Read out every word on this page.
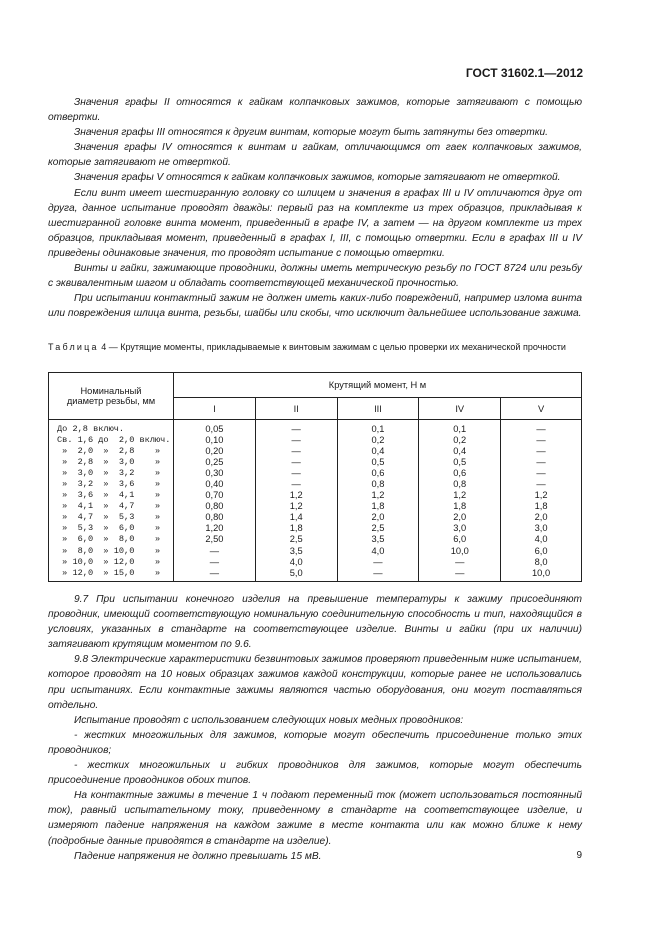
ГОСТ 31602.1—2012

Значения графы II относятся к гайкам колпачковых зажимов, которые затягивают с помощью отвертки.

Значения графы III относятся к другим винтам, которые могут быть затянуты без отвертки.

Значения графы IV относятся к винтам и гайкам, отличающимся от гаек колпачковых зажимов, которые затягивают не отверткой.

Значения графы V относятся к гайкам колпачковых зажимов, которые затягивают не отверткой.

Если винт имеет шестигранную головку со шлицем и значения в графах III и IV отличаются друг от друга, данное испытание проводят дважды: первый раз на комплекте из трех образцов, прикладывая к шестигранной головке винта момент, приведенный в графе IV, а затем — на другом комплекте из трех образцов, прикладывая момент, приведенный в графах I, III, с помощью отвертки. Если в графах III и IV приведены одинаковые значения, то проводят испытание с помощью отвертки.

Винты и гайки, зажимающие проводники, должны иметь метрическую резьбу по ГОСТ 8724 или резьбу с эквивалентным шагом и обладать соответствующей механической прочностью.

При испытании контактный зажим не должен иметь каких-либо повреждений, например излома винта или повреждения шлица винта, резьбы, шайбы или скобы, что исключит дальнейшее использование зажима.

Таблица 4 — Крутящие моменты, прикладываемые к винтовым зажимам с целью проверки их механической прочности
Номинальный диаметр резьбы, мм	Крутящий момент, Н м				
	I	II	III	IV	V
До 2,8 включ.	0,05	—	0,1	0,1	—
Св. 1,6 до  2,0 включ.	0,10	—	0,2	0,2	—
»  2,0  »  2,8    »	0,20	—	0,4	0,4	—
»  2,8  »  3,0    »	0,25	—	0,5	0,5	—
»  3,0  »  3,2    »	0,30	—	0,6	0,6	—
»  3,2  »  3,6    »	0,40	—	0,8	0,8	—
»  3,6  »  4,1    »	0,70	1,2	1,2	1,2	1,2
»  4,1  »  4,7    »	0,80	1,2	1,8	1,8	1,8
»  4,7  »  5,3    »	0,80	1,4	2,0	2,0	2,0
»  5,3  »  6,0    »	1,20	1,8	2,5	3,0	3,0
»  6,0  »  8,0    »	2,50	2,5	3,5	6,0	4,0
»  8,0  » 10,0    »	—	3,5	4,0	10,0	6,0
» 10,0  » 12,0    »	—	4,0	—	—	8,0
» 12,0  » 15,0    »	—	5,0	—	—	10,0

9.7 При испытании конечного изделия на превышение температуры к зажиму присоединяют проводник, имеющий соответствующую номинальную соединительную способность и тип, находящийся в условиях, указанных в стандарте на соответствующее изделие. Винты и гайки (при их наличии) затягивают крутящим моментом по 9.6.

9.8 Электрические характеристики безвинтовых зажимов проверяют приведенным ниже испытанием, которое проводят на 10 новых образцах зажимов каждой конструкции, которые ранее не использовались при испытаниях. Если контактные зажимы являются частью оборудования, они могут поставляться отдельно.

Испытание проводят с использованием следующих новых медных проводников:

- жестких многожильных для зажимов, которые могут обеспечить присоединение только этих проводников;

- жестких многожильных и гибких проводников для зажимов, которые могут обеспечить присоединение проводников обоих типов.

На контактные зажимы в течение 1 ч подают переменный ток (может использоваться постоянный ток), равный испытательному току, приведенному в стандарте на соответствующее изделие, и измеряют падение напряжения на каждом зажиме в месте контакта или как можно ближе к нему (подробные данные приводятся в стандарте на изделие).

Падение напряжения не должно превышать 15 мВ.	9
